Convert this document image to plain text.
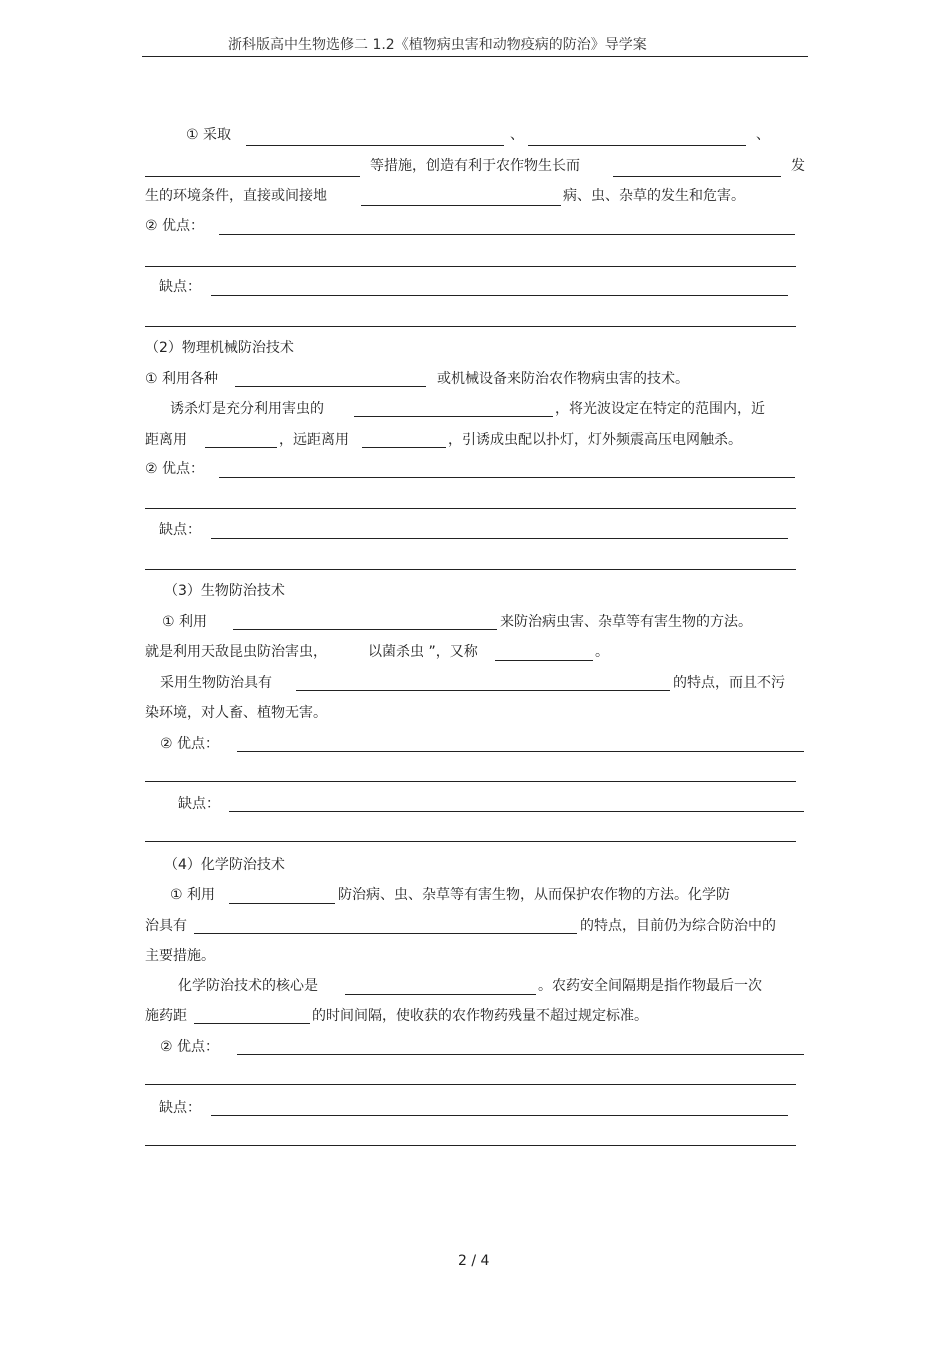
浙科版高中生物选修二 1.2《植物病虫害和动物疫病的防治》导学案
① 采取	、	、
等措施，创造有利于农作物生长而	发
生的环境条件，直接或间接地	病、虫、杂草的发生和危害。
② 优点：
缺点：
（2）物理机械防治技术
① 利用各种	或机械设备来防治农作物病虫害的技术。
诱杀灯是充分利用害虫的	，将光波设定在特定的范围内，近
距离用	，远距离用	，引诱成虫配以扑灯，灯外频震高压电网触杀。
② 优点：
缺点：
（3）生物防治技术
① 利用	来防治病虫害、杂草等有害生物的方法。
就是利用天敌昆虫防治害虫，	以菌杀虫 ”，又称	。
采用生物防治具有	的特点，而且不污
染环境，对人畜、植物无害。
② 优点：
缺点：
（4）化学防治技术
① 利用	防治病、虫、杂草等有害生物，从而保护农作物的方法。化学防
治具有	的特点，目前仍为综合防治中的
主要措施。
化学防治技术的核心是	。农药安全间隔期是指作物最后一次
施药距	的时间间隔，使收获的农作物药残量不超过规定标准。
② 优点：
缺点：
2 / 4
